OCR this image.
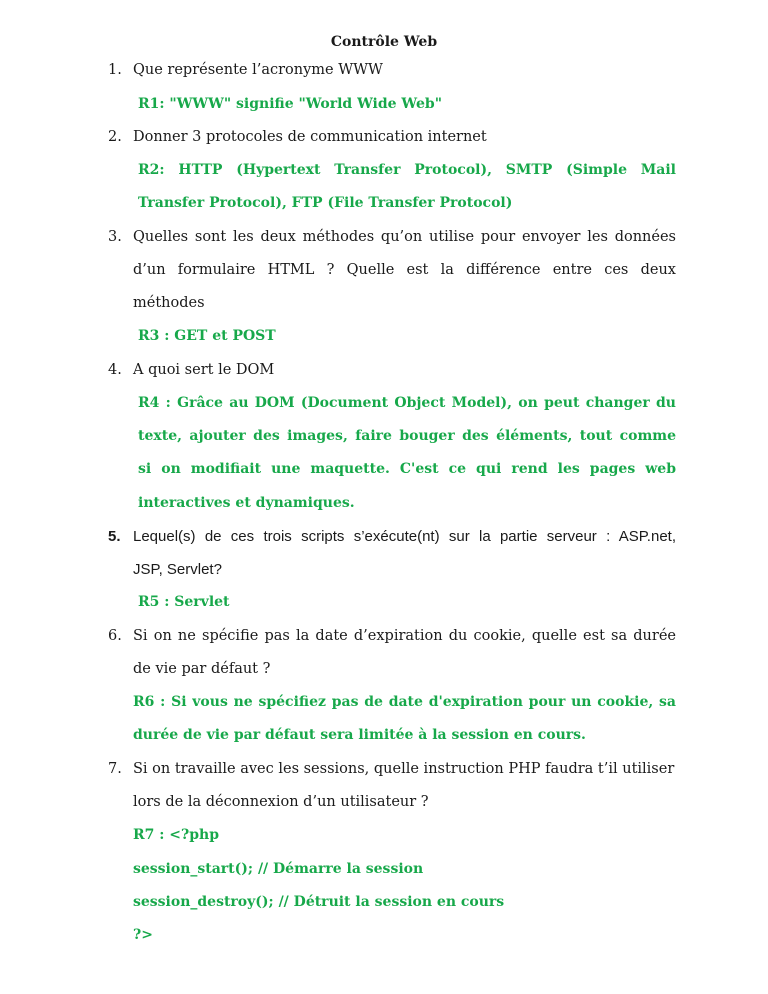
Contrôle Web
1. Que représente l’acronyme WWW
R1: "WWW" signifie "World Wide Web"
2. Donner 3 protocoles de communication internet
R2: HTTP (Hypertext Transfer Protocol), SMTP (Simple Mail
Transfer Protocol), FTP (File Transfer Protocol)
3. Quelles sont les deux méthodes qu’on utilise pour envoyer les données
d’un formulaire HTML ? Quelle est la différence entre ces deux
méthodes
R3 : GET et POST
4. A quoi sert le DOM
R4 : Grâce au DOM (Document Object Model), on peut changer du
texte, ajouter des images, faire bouger des éléments, tout comme
si on modifiait une maquette. C'est ce qui rend les pages web
interactives et dynamiques.
5. Lequel(s) de ces trois scripts s’exécute(nt) sur la partie serveur : ASP.net,
JSP, Servlet?
R5 : Servlet
6. Si on ne spécifie pas la date d’expiration du cookie, quelle est sa durée
de vie par défaut ?
R6 : Si vous ne spécifiez pas de date d'expiration pour un cookie, sa
durée de vie par défaut sera limitée à la session en cours.
7. Si on travaille avec les sessions, quelle instruction PHP faudra t’il utiliser
lors de la déconnexion d’un utilisateur ?
R7 : <?php
session_start(); // Démarre la session
session_destroy(); // Détruit la session en cours
?>
